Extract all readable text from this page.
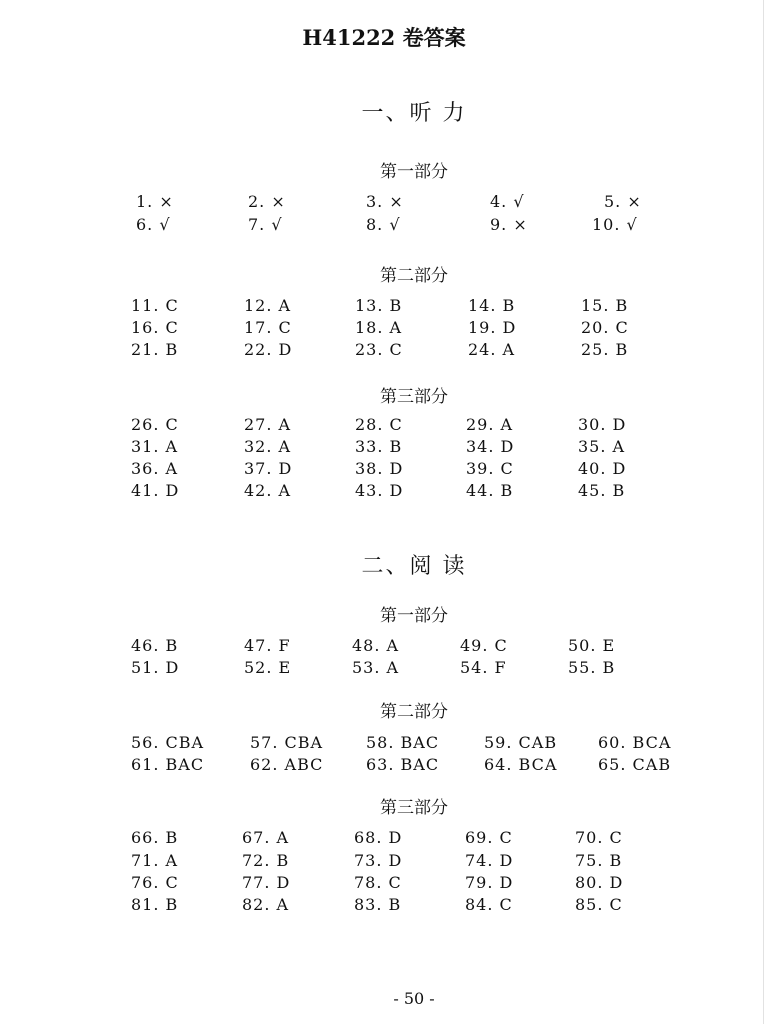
H41222 卷答案
一、听 力
第一部分
1. ×	2. ×	3. ×	4. √	5. ×
6. √	7. √	8. √	9. ×	10. √
第二部分
11. C	12. A	13. B	14. B	15. B
16. C	17. C	18. A	19. D	20. C
21. B	22. D	23. C	24. A	25. B
第三部分
26. C	27. A	28. C	29. A	30. D
31. A	32. A	33. B	34. D	35. A
36. A	37. D	38. D	39. C	40. D
41. D	42. A	43. D	44. B	45. B
二、阅 读
第一部分
46. B	47. F	48. A	49. C	50. E
51. D	52. E	53. A	54. F	55. B
第二部分
56. CBA	57. CBA	58. BAC	59. CAB	60. BCA
61. BAC	62. ABC	63. BAC	64. BCA	65. CAB
第三部分
66. B	67. A	68. D	69. C	70. C
71. A	72. B	73. D	74. D	75. B
76. C	77. D	78. C	79. D	80. D
81. B	82. A	83. B	84. C	85. C
- 50 -
